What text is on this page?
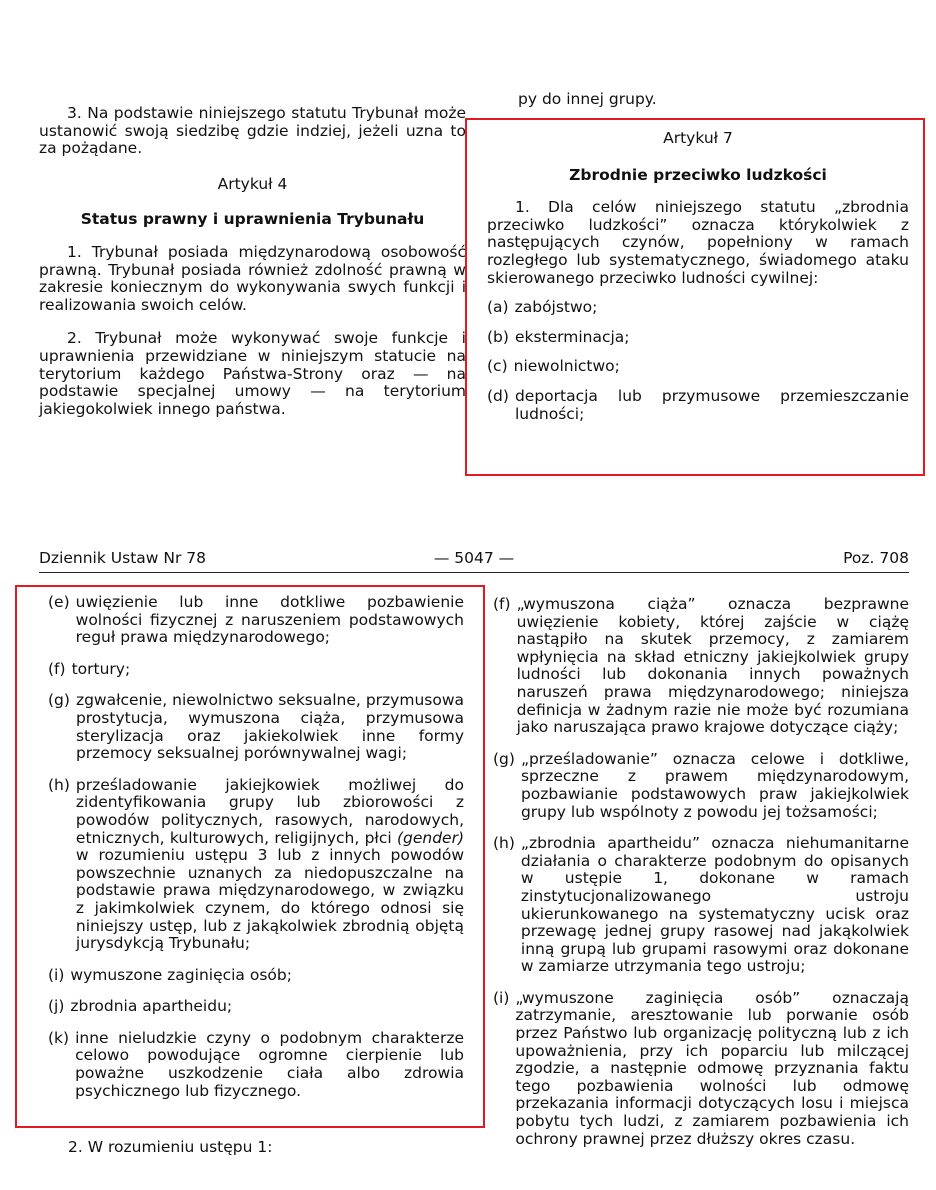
3. Na podstawie niniejszego statutu Trybunał może ustanowić swoją siedzibę gdzie indziej, jeżeli uzna to za pożądane.

Artykuł 4

Status prawny i uprawnienia Trybunału

1. Trybunał posiada międzynarodową osobowość prawną. Trybunał posiada również zdolność prawną w zakresie koniecznym do wykonywania swych funkcji i realizowania swoich celów.

2. Trybunał może wykonywać swoje funkcje i uprawnienia przewidziane w niniejszym statucie na terytorium każdego Państwa-Strony oraz — na podstawie specjalnej umowy — na terytorium jakiegokolwiek innego państwa.

py do innej grupy.

Artykuł 7

Zbrodnie przeciwko ludzkości

1. Dla celów niniejszego statutu „zbrodnia przeciwko ludzkości” oznacza którykolwiek z następujących czynów, popełniony w ramach rozległego lub systematycznego, świadomego ataku skierowanego przeciwko ludności cywilnej:

(a) zabójstwo;
(b) eksterminacja;
(c) niewolnictwo;
(d) deportacja lub przymusowe przemieszczanie ludności;
Dziennik Ustaw Nr 78	— 5047 —	Poz. 708
(e) uwięzienie lub inne dotkliwe pozbawienie wolności fizycznej z naruszeniem podstawowych reguł prawa międzynarodowego;
(f) tortury;
(g) zgwałcenie, niewolnictwo seksualne, przymusowa prostytucja, wymuszona ciąża, przymusowa sterylizacja oraz jakiekolwiek inne formy przemocy seksualnej porównywalnej wagi;
(h) prześladowanie jakiejkowiek możliwej do zidentyfikowania grupy lub zbiorowości z powodów politycznych, rasowych, narodowych, etnicznych, kulturowych, religijnych, płci (gender) w rozumieniu ustępu 3 lub z innych powodów powszechnie uznanych za niedopuszczalne na podstawie prawa międzynarodowego, w związku z jakimkolwiek czynem, do którego odnosi się niniejszy ustęp, lub z jakąkolwiek zbrodnią objętą jurysdykcją Trybunału;
(i) wymuszone zaginięcia osób;
(j) zbrodnia apartheidu;
(k) inne nieludzkie czyny o podobnym charakterze celowo powodujące ogromne cierpienie lub poważne uszkodzenie ciała albo zdrowia psychicznego lub fizycznego.

2. W rozumieniu ustępu 1:

(f) „wymuszona ciąża” oznacza bezprawne uwięzienie kobiety, której zajście w ciążę nastąpiło na skutek przemocy, z zamiarem wpłynięcia na skład etniczny jakiejkolwiek grupy ludności lub dokonania innych poważnych naruszeń prawa międzynarodowego; niniejsza definicja w żadnym razie nie może być rozumiana jako naruszająca prawo krajowe dotyczące ciąży;
(g) „prześladowanie” oznacza celowe i dotkliwe, sprzeczne z prawem międzynarodowym, pozbawianie podstawowych praw jakiejkolwiek grupy lub wspólnoty z powodu jej tożsamości;
(h) „zbrodnia apartheidu” oznacza niehumanitarne działania o charakterze podobnym do opisanych w ustępie 1, dokonane w ramach zinstytucjonalizowanego ustroju ukierunkowanego na systematyczny ucisk oraz przewagę jednej grupy rasowej nad jakąkolwiek inną grupą lub grupami rasowymi oraz dokonane w zamiarze utrzymania tego ustroju;
(i) „wymuszone zaginięcia osób” oznaczają zatrzymanie, aresztowanie lub porwanie osób przez Państwo lub organizację polityczną lub z ich upoważnienia, przy ich poparciu lub milczącej zgodzie, a następnie odmowę przyznania faktu tego pozbawienia wolności lub odmowę przekazania informacji dotyczących losu i miejsca pobytu tych ludzi, z zamiarem pozbawienia ich ochrony prawnej przez dłuższy okres czasu.
